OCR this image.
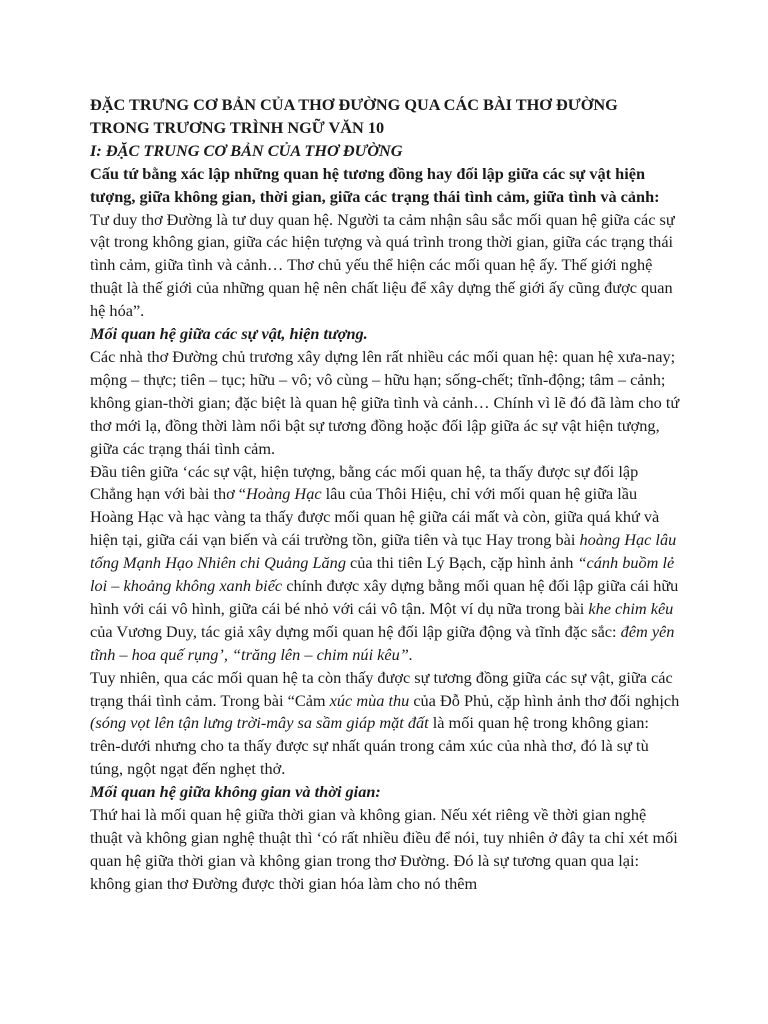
ĐẶC TRƯNG CƠ BẢN CỦA THƠ ĐƯỜNG QUA CÁC BÀI THƠ ĐƯỜNG
TRONG TRƯƠNG TRÌNH NGỮ VĂN 10

I: ĐẶC TRUNG CƠ BẢN CỦA THƠ ĐƯỜNG

Cấu tứ bằng xác lập những quan hệ tương đồng hay đối lập giữa các sự vật hiện tượng, giữa không gian, thời gian, giữa các trạng thái tình cảm, giữa tình và cảnh:

Tư duy thơ Đường là tư duy quan hệ. Người ta cảm nhận sâu sắc mối quan hệ giữa các sự vật trong không gian, giữa các hiện tượng và quá trình trong thời gian, giữa các trạng thái tình cảm, giữa tình và cảnh… Thơ chủ yếu thể hiện các mối quan hệ ấy. Thế giới nghệ thuật là thế giới của những quan hệ nên chất liệu để xây dựng thế giới ấy cũng được quan hệ hóa”.

Mối quan hệ giữa các sự vật, hiện tượng.

Các nhà thơ Đường chủ trương xây dựng lên rất nhiều các mối quan hệ: quan hệ xưa-nay; mộng – thực; tiên – tục; hữu – vô; vô cùng – hữu hạn; sống-chết; tĩnh-động; tâm – cảnh; không gian-thời gian; đặc biệt là quan hệ giữa tình và cảnh… Chính vì lẽ đó đã làm cho tứ thơ mới lạ, đồng thời làm nổi bật sự tương đồng hoặc đối lập giữa ác sự vật hiện tượng, giữa các trạng thái tình cảm.

Đầu tiên giữa ‘các sự vật, hiện tượng, bằng các mối quan hệ, ta thấy được sự đối lập Chẳng hạn với bài thơ “Hoàng Hạc lâu của Thôi Hiệu, chỉ với mối quan hệ giữa lầu Hoàng Hạc và hạc vàng ta thấy được mối quan hệ giữa cái mất và còn, giữa quá khứ và hiện tại, giữa cái vạn biến và cái trường tồn, giữa tiên và tục Hay trong bài hoàng Hạc lâu tống Mạnh Hạo Nhiên chi Quảng Lăng của thi tiên Lý Bạch, cặp hình ảnh “cánh buồm lẻ loi – khoảng không xanh biếc chính được xây dựng bằng mối quan hệ đối lập giữa cái hữu hình với cái vô hình, giữa cái bé nhỏ với cái vô tận. Một ví dụ nữa trong bài khe chim kêu của Vương Duy, tác giả xây dựng mối quan hệ đối lập giữa động và tĩnh đặc sắc: đêm yên tĩnh – hoa quế rụng’, “trăng lên – chim núi kêu”.

Tuy nhiên, qua các mối quan hệ ta còn thấy được sự tương đồng giữa các sự vật, giữa các trạng thái tình cảm. Trong bài “Cảm xúc mùa thu của Đỗ Phủ, cặp hình ảnh thơ đối nghịch (sóng vọt lên tận lưng trời-mây sa sầm giáp mặt đất là mối quan hệ trong không gian: trên-dưới nhưng cho ta thấy được sự nhất quán trong cảm xúc của nhà thơ, đó là sự tù túng, ngột ngạt đến nghẹt thở.

Mối quan hệ giữa không gian và thời gian:

Thứ hai là mối quan hệ giữa thời gian và không gian. Nếu xét riêng về thời gian nghệ thuật và không gian nghệ thuật thì ‘có rất nhiều điều để nói, tuy nhiên ở đây ta chỉ xét mối quan hệ giữa thời gian và không gian trong thơ Đường. Đó là sự tương quan qua lại: không gian thơ Đường được thời gian hóa làm cho nó thêm
